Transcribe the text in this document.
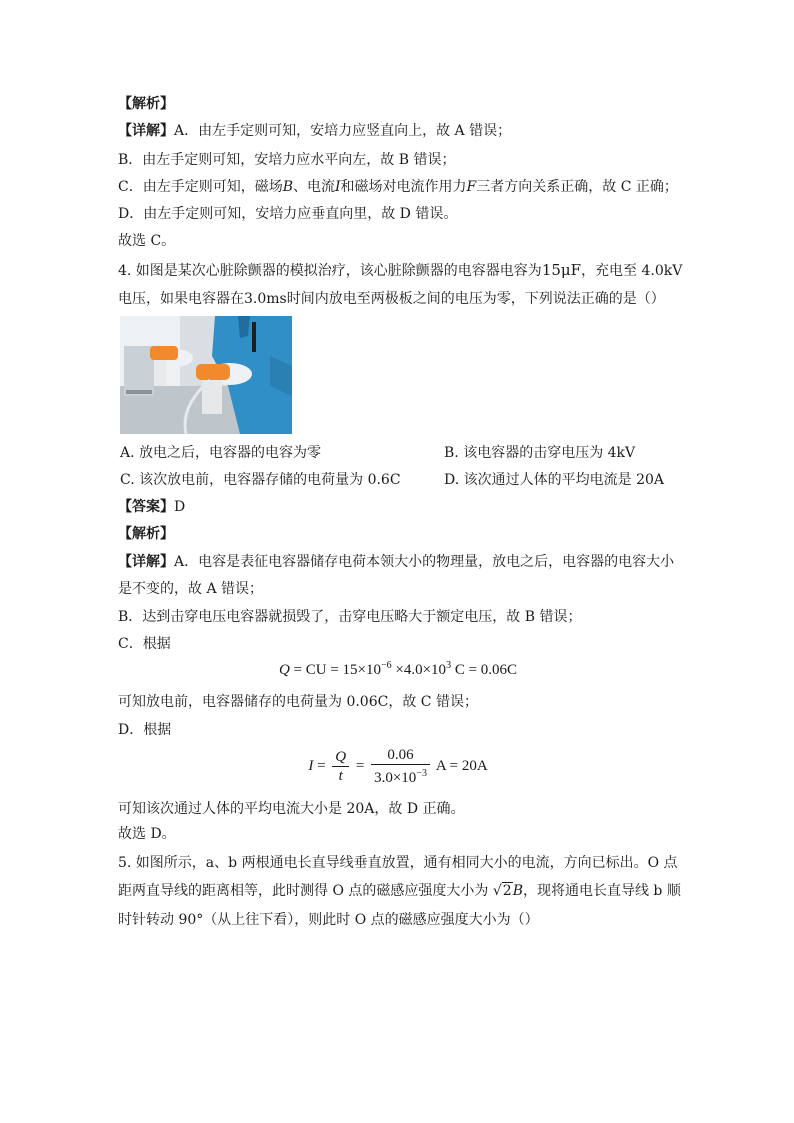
【解析】
【详解】A．由左手定则可知，安培力应竖直向上，故 A 错误；
B．由左手定则可知，安培力应水平向左，故 B 错误；
C．由左手定则可知，磁场B、电流I和磁场对电流作用力F三者方向关系正确，故 C 正确；
D．由左手定则可知，安培力应垂直向里，故 D 错误。
故选 C。
4. 如图是某次心脏除颤器的模拟治疗，该心脏除颤器的电容器电容为15μF，充电至 4.0kV
电压，如果电容器在3.0ms时间内放电至两极板之间的电压为零，下列说法正确的是（）
A. 放电之后，电容器的电容为零	B. 该电容器的击穿电压为 4kV
C. 该次放电前，电容器存储的电荷量为 0.6C	D. 该次通过人体的平均电流是 20A
【答案】D
【解析】
【详解】A．电容是表征电容器储存电荷本领大小的物理量，放电之后，电容器的电容大小
是不变的，故 A 错误；
B．达到击穿电压电容器就损毁了，击穿电压略大于额定电压，故 B 错误；
C．根据
Q = CU = $15\times 10^{-6} \times 4.0\times 10^3$ C = 0.06C
可知放电前，电容器储存的电荷量为 0.06C，故 C 错误；
D．根据
$I = \frac{Q}{t} = \frac{0.06}{3.0\times 10^{-3}}$ A = 20A
可知该次通过人体的平均电流大小是 20A，故 D 正确。
故选 D。
5. 如图所示，a、b 两根通电长直导线垂直放置，通有相同大小的电流，方向已标出。O 点
距两直导线的距离相等，此时测得 O 点的磁感应强度大小为 √2B，现将通电长直导线 b 顺
时针转动 90°（从上往下看），则此时 O 点的磁感应强度大小为（）
